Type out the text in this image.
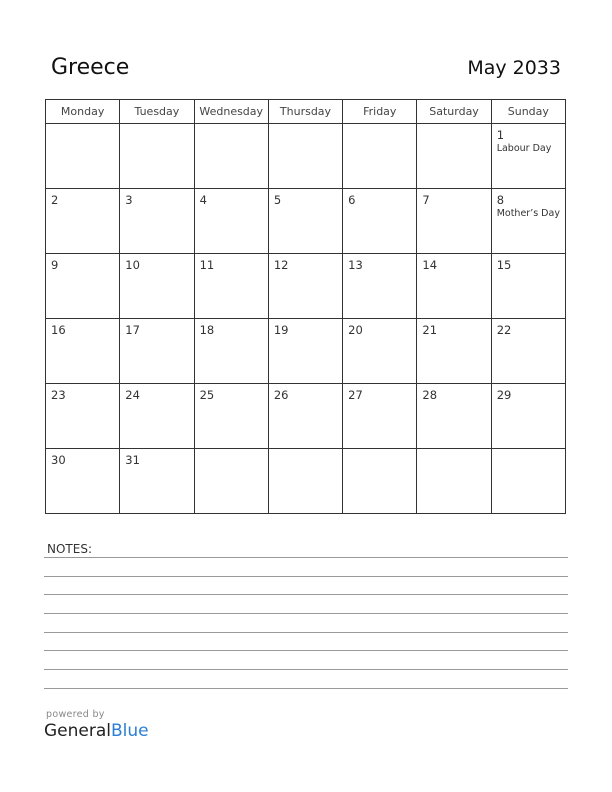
Greece	May 2033
Monday	Tuesday	Wednesday	Thursday	Friday	Saturday	Sunday

						1
Labour Day

2	3	4	5	6	7	8
Mother’s Day

9	10	11	12	13	14	15

16	17	18	19	20	21	22

23	24	25	26	27	28	29

30	31					

NOTES:
powered by
GeneralBlue
